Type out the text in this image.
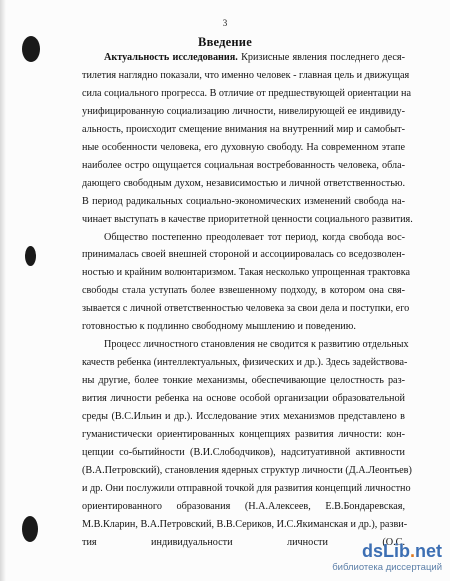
3
Введение
Актуальность исследования. Кризисные явления последнего деся-
тилетия наглядно показали, что именно человек - главная цель и движущая
сила социального прогресса. В отличие от предшествующей ориентации на
унифицированную социализацию личности, нивелирующей ее индивиду-
альность, происходит смещение внимания на внутренний мир и самобыт-
ные особенности человека, его духовную свободу. На современном этапе
наиболее остро ощущается социальная востребованность человека, обла-
дающего свободным духом, независимостью и личной ответственностью.
В период радикальных социально-экономических изменений свобода на-
чинает выступать в качестве приоритетной ценности социального развития.
Общество постепенно преодолевает тот период, когда свобода вос-
принималась своей внешней стороной и ассоциировалась со вседозволен-
ностью и крайним волюнтаризмом. Такая несколько упрощенная трактовка
свободы стала уступать более взвешенному подходу, в котором она свя-
зывается с личной ответственностью человека за свои дела и поступки, его
готовностью к подлинно свободному мышлению и поведению.
Процесс личностного становления не сводится к развитию отдельных
качеств ребенка (интеллектуальных, физических и др.). Здесь задействова-
ны другие, более тонкие механизмы, обеспечивающие целостность раз-
вития личности ребенка на основе особой организации образовательной
среды (В.С.Ильин и др.). Исследование этих механизмов представлено в
гуманистически ориентированных концепциях развития личности: кон-
цепции со-бытийности (В.И.Слободчиков), надситуативной активности
(В.А.Петровский), становления ядерных структур личности (Д.А.Леонтьев)
и др. Они послужили отправной точкой для развития концепций личностно
ориентированного образования (Н.А.Алексеев, Е.В.Бондаревская,
М.В.Кларин, В.А.Петровский, В.В.Сериков, И.С.Якиманская и др.), разви-
тия индивидуальности личности (О.С.
dsLib.net
библиотека диссертаций
